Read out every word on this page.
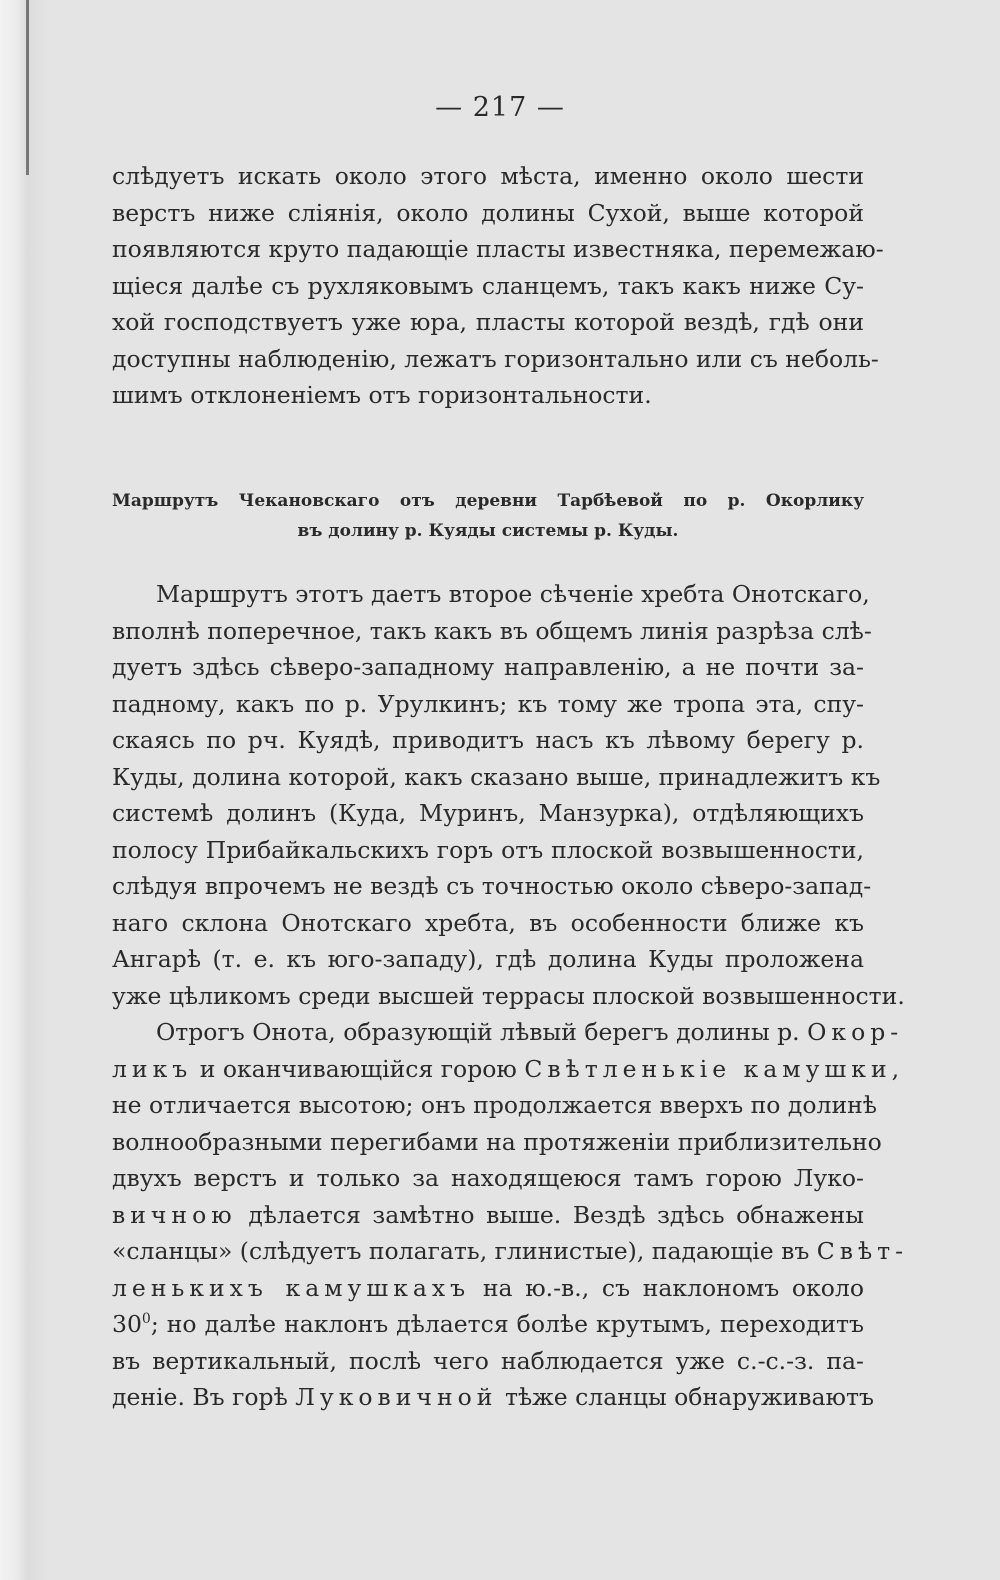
— 217 —
слѣдуетъ искать около этого мѣста, именно около шести
верстъ ниже сліянія, около долины Сухой, выше которой
появляются круто падающіе пласты известняка, перемежаю-
щіеся далѣе съ рухляковымъ сланцемъ, такъ какъ ниже Су-
хой господствуетъ уже юра, пласты которой вездѣ, гдѣ они
доступны наблюденію, лежатъ горизонтально или съ неболь-
шимъ отклоненіемъ отъ горизонтальности.
Маршрутъ Чекановскаго отъ деревни Тарбѣевой по р. Окорлику
въ долину р. Куяды системы р. Куды.
Маршрутъ этотъ даетъ второе сѣченіе хребта Онотскаго,
вполнѣ поперечное, такъ какъ въ общемъ линія разрѣза слѣ-
дуетъ здѣсь сѣверо-западному направленію, а не почти за-
падному, какъ по р. Урулкинъ; къ тому же тропа эта, спу-
скаясь по рч. Куядѣ, приводитъ насъ къ лѣвому берегу р.
Куды, долина которой, какъ сказано выше, принадлежитъ къ
системѣ долинъ (Куда, Муринъ, Манзурка), отдѣляющихъ
полосу Прибайкальскихъ горъ отъ плоской возвышенности,
слѣдуя впрочемъ не вездѣ съ точностью около сѣверо-запад-
наго склона Онотскаго хребта, въ особенности ближе къ
Ангарѣ (т. е. къ юго-западу), гдѣ долина Куды проложена
уже цѣликомъ среди высшей террасы плоской возвышенности.
Отрогъ Онота, образующій лѣвый берегъ долины р. Окор-
ликъ и оканчивающійся горою Свѣтленькіе камушки,
не отличается высотою; онъ продолжается вверхъ по долинѣ
волнообразными перегибами на протяженіи приблизительно
двухъ верстъ и только за находящеюся тамъ горою Луко-
вичною дѣлается замѣтно выше. Вездѣ здѣсь обнажены
«сланцы» (слѣдуетъ полагать, глинистые), падающіе въ Свѣт-
ленькихъ камушкахъ на ю.-в., съ наклономъ около
$30^0$; но далѣе наклонъ дѣлается болѣе крутымъ, переходитъ
въ вертикальный, послѣ чего наблюдается уже с.-с.-з. па-
деніе. Въ горѣ Луковичной тѣже сланцы обнаруживаютъ
